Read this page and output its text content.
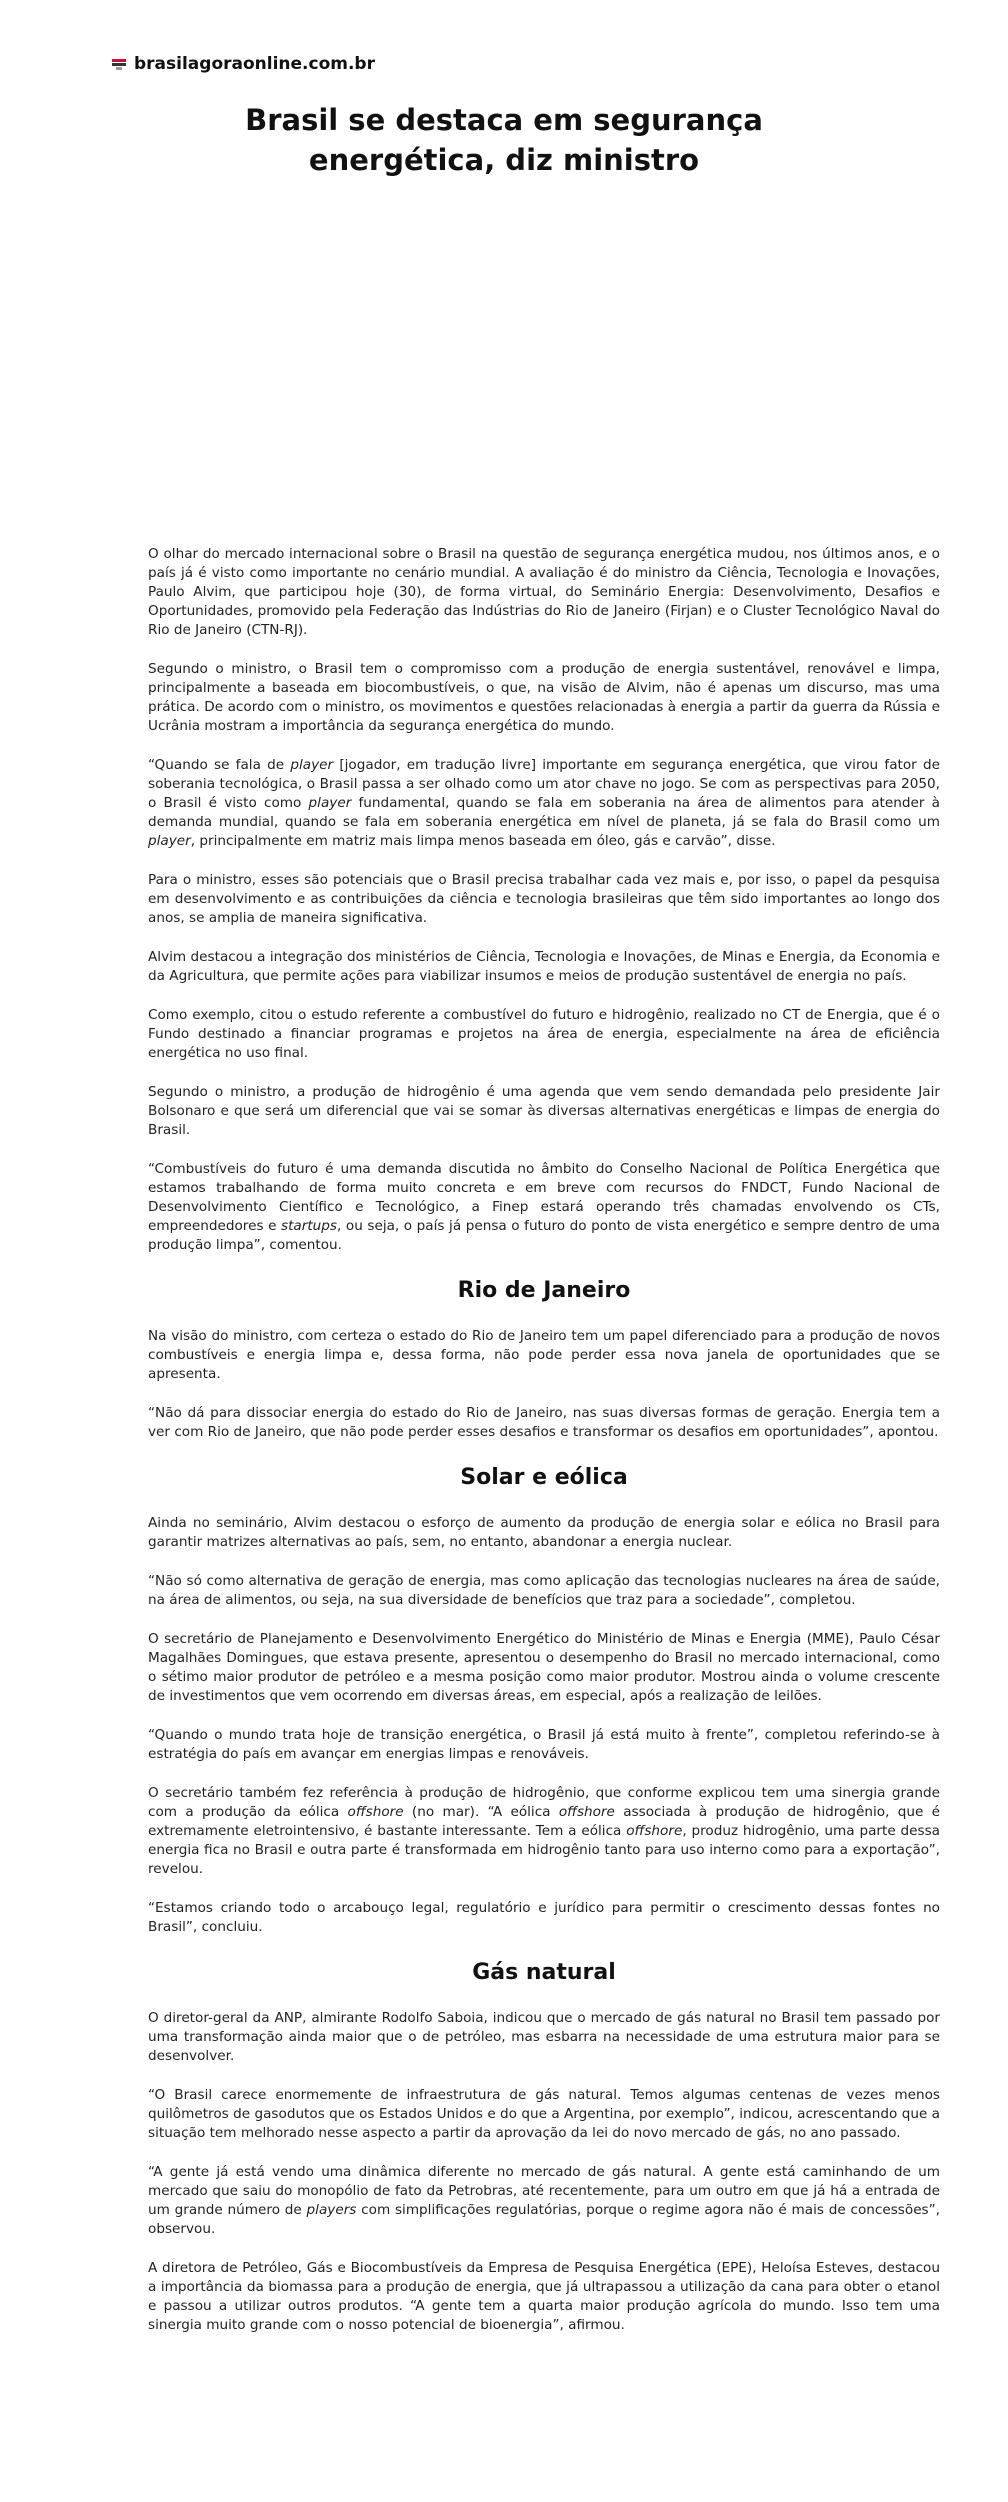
brasilagoraonline.com.br
Brasil se destaca em segurança energética, diz ministro

O olhar do mercado internacional sobre o Brasil na questão de segurança energética mudou, nos últimos anos, e o país já é visto como importante no cenário mundial. A avaliação é do ministro da Ciência, Tecnologia e Inovações, Paulo Alvim, que participou hoje (30), de forma virtual, do Seminário Energia: Desenvolvimento, Desafios e Oportunidades, promovido pela Federação das Indústrias do Rio de Janeiro (Firjan) e o Cluster Tecnológico Naval do Rio de Janeiro (CTN-RJ).

Segundo o ministro, o Brasil tem o compromisso com a produção de energia sustentável, renovável e limpa, principalmente a baseada em biocombustíveis, o que, na visão de Alvim, não é apenas um discurso, mas uma prática. De acordo com o ministro, os movimentos e questões relacionadas à energia a partir da guerra da Rússia e Ucrânia mostram a importância da segurança energética do mundo.

“Quando se fala de player [jogador, em tradução livre] importante em segurança energética, que virou fator de soberania tecnológica, o Brasil passa a ser olhado como um ator chave no jogo. Se com as perspectivas para 2050, o Brasil é visto como player fundamental, quando se fala em soberania na área de alimentos para atender à demanda mundial, quando se fala em soberania energética em nível de planeta, já se fala do Brasil como um player, principalmente em matriz mais limpa menos baseada em óleo, gás e carvão”, disse.

Para o ministro, esses são potenciais que o Brasil precisa trabalhar cada vez mais e, por isso, o papel da pesquisa em desenvolvimento e as contribuições da ciência e tecnologia brasileiras que têm sido importantes ao longo dos anos, se amplia de maneira significativa.

Alvim destacou a integração dos ministérios de Ciência, Tecnologia e Inovações, de Minas e Energia, da Economia e da Agricultura, que permite ações para viabilizar insumos e meios de produção sustentável de energia no país.

Como exemplo, citou o estudo referente a combustível do futuro e hidrogênio, realizado no CT de Energia, que é o Fundo destinado a financiar programas e projetos na área de energia, especialmente na área de eficiência energética no uso final.

Segundo o ministro, a produção de hidrogênio é uma agenda que vem sendo demandada pelo presidente Jair Bolsonaro e que será um diferencial que vai se somar às diversas alternativas energéticas e limpas de energia do Brasil.

“Combustíveis do futuro é uma demanda discutida no âmbito do Conselho Nacional de Política Energética que estamos trabalhando de forma muito concreta e em breve com recursos do FNDCT, Fundo Nacional de Desenvolvimento Científico e Tecnológico, a Finep estará operando três chamadas envolvendo os CTs, empreendedores e startups, ou seja, o país já pensa o futuro do ponto de vista energético e sempre dentro de uma produção limpa”, comentou.

Rio de Janeiro

Na visão do ministro, com certeza o estado do Rio de Janeiro tem um papel diferenciado para a produção de novos combustíveis e energia limpa e, dessa forma, não pode perder essa nova janela de oportunidades que se apresenta.

“Não dá para dissociar energia do estado do Rio de Janeiro, nas suas diversas formas de geração. Energia tem a ver com Rio de Janeiro, que não pode perder esses desafios e transformar os desafios em oportunidades”, apontou.

Solar e eólica

Ainda no seminário, Alvim destacou o esforço de aumento da produção de energia solar e eólica no Brasil para garantir matrizes alternativas ao país, sem, no entanto, abandonar a energia nuclear.

“Não só como alternativa de geração de energia, mas como aplicação das tecnologias nucleares na área de saúde, na área de alimentos, ou seja, na sua diversidade de benefícios que traz para a sociedade”, completou.

O secretário de Planejamento e Desenvolvimento Energético do Ministério de Minas e Energia (MME), Paulo César Magalhães Domingues, que estava presente, apresentou o desempenho do Brasil no mercado internacional, como o sétimo maior produtor de petróleo e a mesma posição como maior produtor. Mostrou ainda o volume crescente de investimentos que vem ocorrendo em diversas áreas, em especial, após a realização de leilões.

“Quando o mundo trata hoje de transição energética, o Brasil já está muito à frente”, completou referindo-se à estratégia do país em avançar em energias limpas e renováveis.

O secretário também fez referência à produção de hidrogênio, que conforme explicou tem uma sinergia grande com a produção da eólica offshore (no mar). “A eólica offshore associada à produção de hidrogênio, que é extremamente eletrointensivo, é bastante interessante. Tem a eólica offshore, produz hidrogênio, uma parte dessa energia fica no Brasil e outra parte é transformada em hidrogênio tanto para uso interno como para a exportação”, revelou.

“Estamos criando todo o arcabouço legal, regulatório e jurídico para permitir o crescimento dessas fontes no Brasil”, concluiu.

Gás natural

O diretor-geral da ANP, almirante Rodolfo Saboia, indicou que o mercado de gás natural no Brasil tem passado por uma transformação ainda maior que o de petróleo, mas esbarra na necessidade de uma estrutura maior para se desenvolver.

“O Brasil carece enormemente de infraestrutura de gás natural. Temos algumas centenas de vezes menos quilômetros de gasodutos que os Estados Unidos e do que a Argentina, por exemplo”, indicou, acrescentando que a situação tem melhorado nesse aspecto a partir da aprovação da lei do novo mercado de gás, no ano passado.

“A gente já está vendo uma dinâmica diferente no mercado de gás natural. A gente está caminhando de um mercado que saiu do monopólio de fato da Petrobras, até recentemente, para um outro em que já há a entrada de um grande número de players com simplificações regulatórias, porque o regime agora não é mais de concessões”, observou.

A diretora de Petróleo, Gás e Biocombustíveis da Empresa de Pesquisa Energética (EPE), Heloísa Esteves, destacou a importância da biomassa para a produção de energia, que já ultrapassou a utilização da cana para obter o etanol e passou a utilizar outros produtos. “A gente tem a quarta maior produção agrícola do mundo. Isso tem uma sinergia muito grande com o nosso potencial de bioenergia”, afirmou.
